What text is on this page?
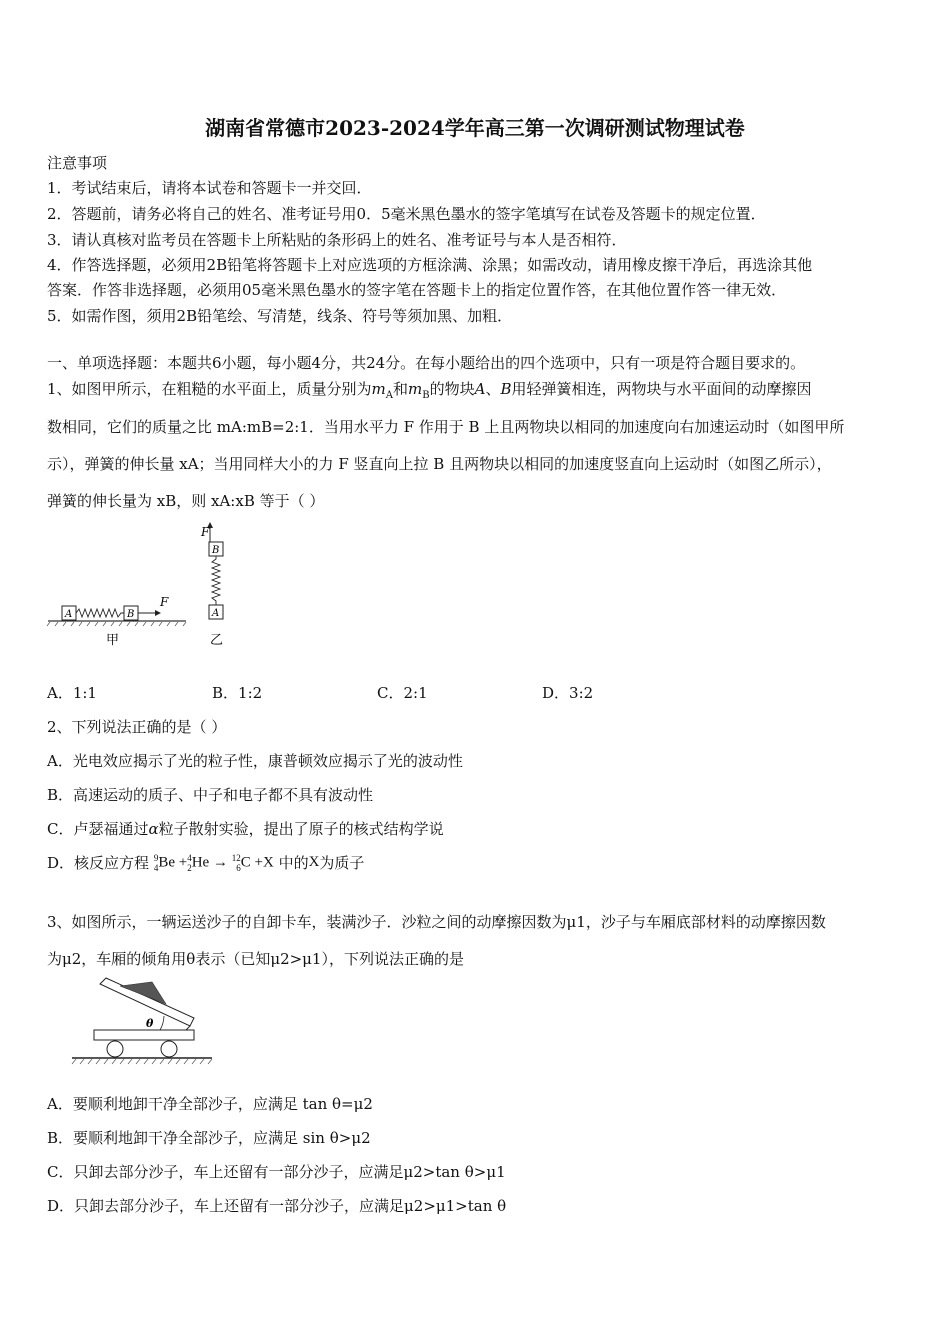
湖南省常德市2023-2024学年高三第一次调研测试物理试卷
注意事项
1．考试结束后，请将本试卷和答题卡一并交回．
2．答题前，请务必将自己的姓名、准考证号用0．5毫米黑色墨水的签字笔填写在试卷及答题卡的规定位置．
3．请认真核对监考员在答题卡上所粘贴的条形码上的姓名、准考证号与本人是否相符．
4．作答选择题，必须用2B铅笔将答题卡上对应选项的方框涂满、涂黑；如需改动，请用橡皮擦干净后，再选涂其他
答案．作答非选择题，必须用05毫米黑色墨水的签字笔在答题卡上的指定位置作答，在其他位置作答一律无效．
5．如需作图，须用2B铅笔绘、写清楚，线条、符号等须加黑、加粗．
一、单项选择题：本题共6小题，每小题4分，共24分。在每小题给出的四个选项中，只有一项是符合题目要求的。
1、如图甲所示，在粗糙的水平面上，质量分别为$m_A$和$m_B$的物块A、B用轻弹簧相连，两物块与水平面间的动摩擦因
数相同，它们的质量之比 mA:mB=2:1．当用水平力 F 作用于 B 上且两物块以相同的加速度向右加速运动时（如图甲所
示），弹簧的伸长量 xA；当用同样大小的力 F 竖直向上拉 B 且两物块以相同的加速度竖直向上运动时（如图乙所示），
弹簧的伸长量为 xB，则 xA:xB 等于（ ）
A	B
F
甲
F
B
A
乙
A．1:1	B．1:2	C．2:1	D．3:2
2、下列说法正确的是（ ）
A．光电效应揭示了光的粒子性，康普顿效应揭示了光的波动性
B．高速运动的质子、中子和电子都不具有波动性
C．卢瑟福通过α粒子散射实验，提出了原子的核式结构学说
D．核反应方程 9
4 Be + 4
2 He → 12
6 C +X 中的X为质子
3、如图所示，一辆运送沙子的自卸卡车，装满沙子．沙粒之间的动摩擦因数为μ1，沙子与车厢底部材料的动摩擦因数
为μ2，车厢的倾角用θ表示（已知μ2>μ1），下列说法正确的是
θ
A．要顺利地卸干净全部沙子，应满足 tan θ=μ2
B．要顺利地卸干净全部沙子，应满足 sin θ>μ2
C．只卸去部分沙子，车上还留有一部分沙子，应满足μ2>tan θ>μ1
D．只卸去部分沙子，车上还留有一部分沙子，应满足μ2>μ1>tan θ
